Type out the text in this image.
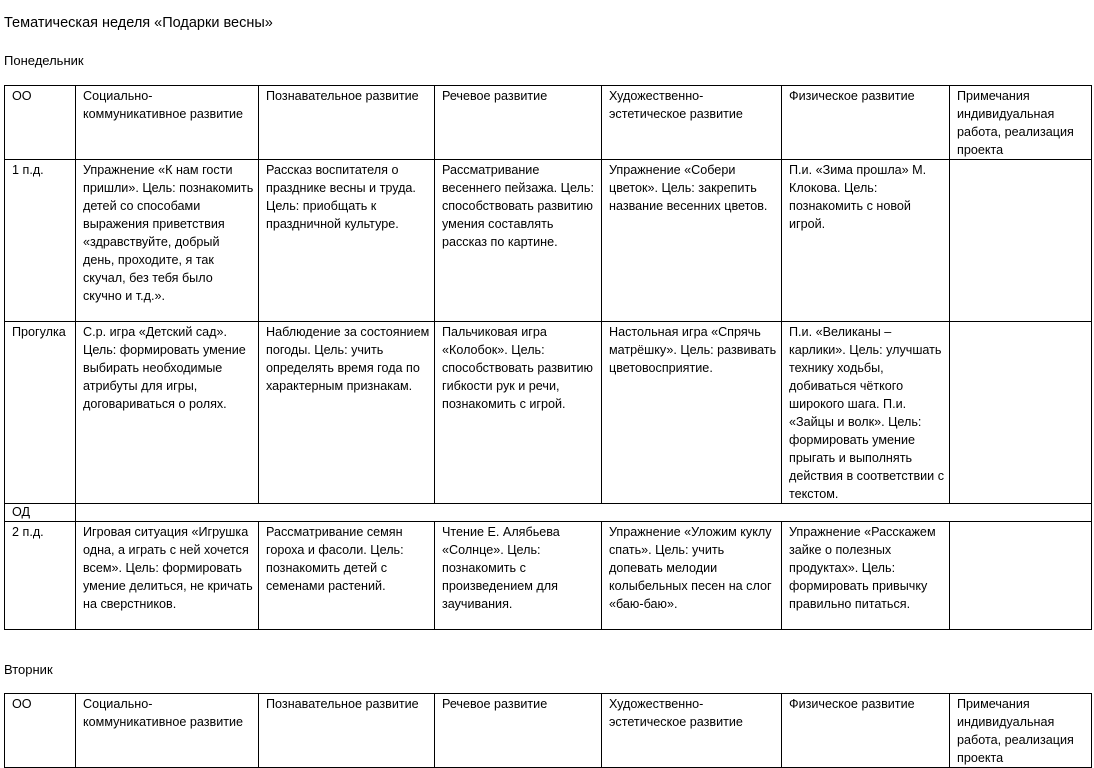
Тематическая неделя «Подарки весны»
Понедельник
ОО	Социально-коммуникативное развитие	Познавательное развитие	Речевое развитие	Художественно-эстетическое развитие	Физическое развитие	Примечания индивидуальная работа, реализация проекта
1 п.д.	Упражнение «К нам гости пришли». Цель: познакомить детей со способами выражения приветствия «здравствуйте, добрый день, проходите, я так скучал, без тебя было скучно и т.д.».	Рассказ воспитателя о празднике весны и труда. Цель: приобщать к праздничной культуре.	Рассматривание весеннего пейзажа. Цель: способствовать развитию умения составлять рассказ по картине.	Упражнение «Собери цветок». Цель: закрепить название весенних цветов.	П.и. «Зима прошла» М. Клокова. Цель: познакомить с новой игрой.	
Прогулка	С.р. игра «Детский сад». Цель: формировать умение выбирать необходимые атрибуты для игры, договариваться о ролях.	Наблюдение за состоянием погоды. Цель: учить определять время года по характерным признакам.	Пальчиковая игра «Колобок». Цель: способствовать развитию гибкости рук и речи, познакомить с игрой.	Настольная игра «Спрячь матрёшку». Цель: развивать цветовосприятие.	П.и. «Великаны – карлики». Цель: улучшать технику ходьбы, добиваться чёткого широкого шага. П.и. «Зайцы и волк». Цель: формировать умение прыгать и выполнять действия в соответствии с текстом.	
ОД						
2 п.д.	Игровая ситуация «Игрушка одна, а играть с ней хочется всем». Цель: формировать умение делиться, не кричать на сверстников.	Рассматривание семян гороха и фасоли. Цель: познакомить детей с семенами растений.	Чтение Е. Алябьева «Солнце». Цель: познакомить с произведением для заучивания.	Упражнение «Уложим куклу спать». Цель: учить допевать мелодии колыбельных песен на слог «баю-баю».	Упражнение «Расскажем зайке о полезных продуктах». Цель: формировать привычку правильно питаться.	
Вторник
ОО	Социально-коммуникативное развитие	Познавательное развитие	Речевое развитие	Художественно-эстетическое развитие	Физическое развитие	Примечания индивидуальная работа, реализация проекта
